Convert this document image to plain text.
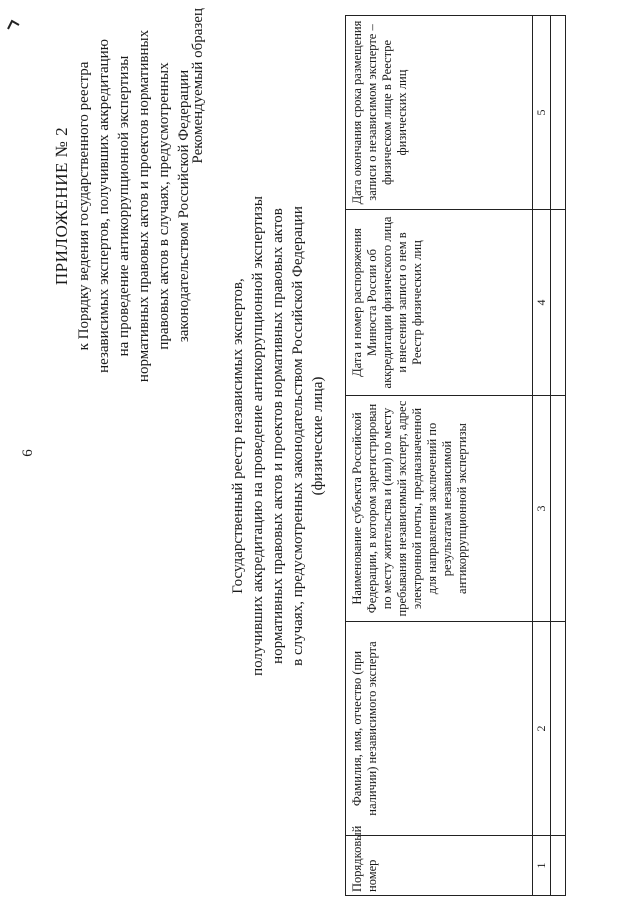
6
ПРИЛОЖЕНИЕ № 2 к Порядку ведения государственного реестра независимых экспертов, получивших аккредитацию на проведение антикоррупционной экспертизы нормативных правовых актов и проектов нормативных правовых актов в случаях, предусмотренных законодательством Российской Федерации
Рекомендуемый образец
Государственный реестр независимых экспертов, получивших аккредитацию на проведение антикоррупционной экспертизы нормативных правовых актов и проектов нормативных правовых актов в случаях, предусмотренных законодательством Российской Федерации (физические лица)
Порядковый номер	Фамилия, имя, отчество (при наличии) независимого эксперта	Наименование субъекта Российской Федерации, в котором зарегистрирован по месту жительства и (или) по месту пребывания независимый эксперт, адрес электронной почты, предназначенной для направления заключений по результатам независимой антикоррупционной экспертизы	Дата и номер распоряжения Минюста России об аккредитации физического лица и внесении записи о нем в Реестр физических лиц	Дата окончания срока размещения записи о независимом эксперте – физическом лице в Реестре физических лиц
1	2	3	4	5
